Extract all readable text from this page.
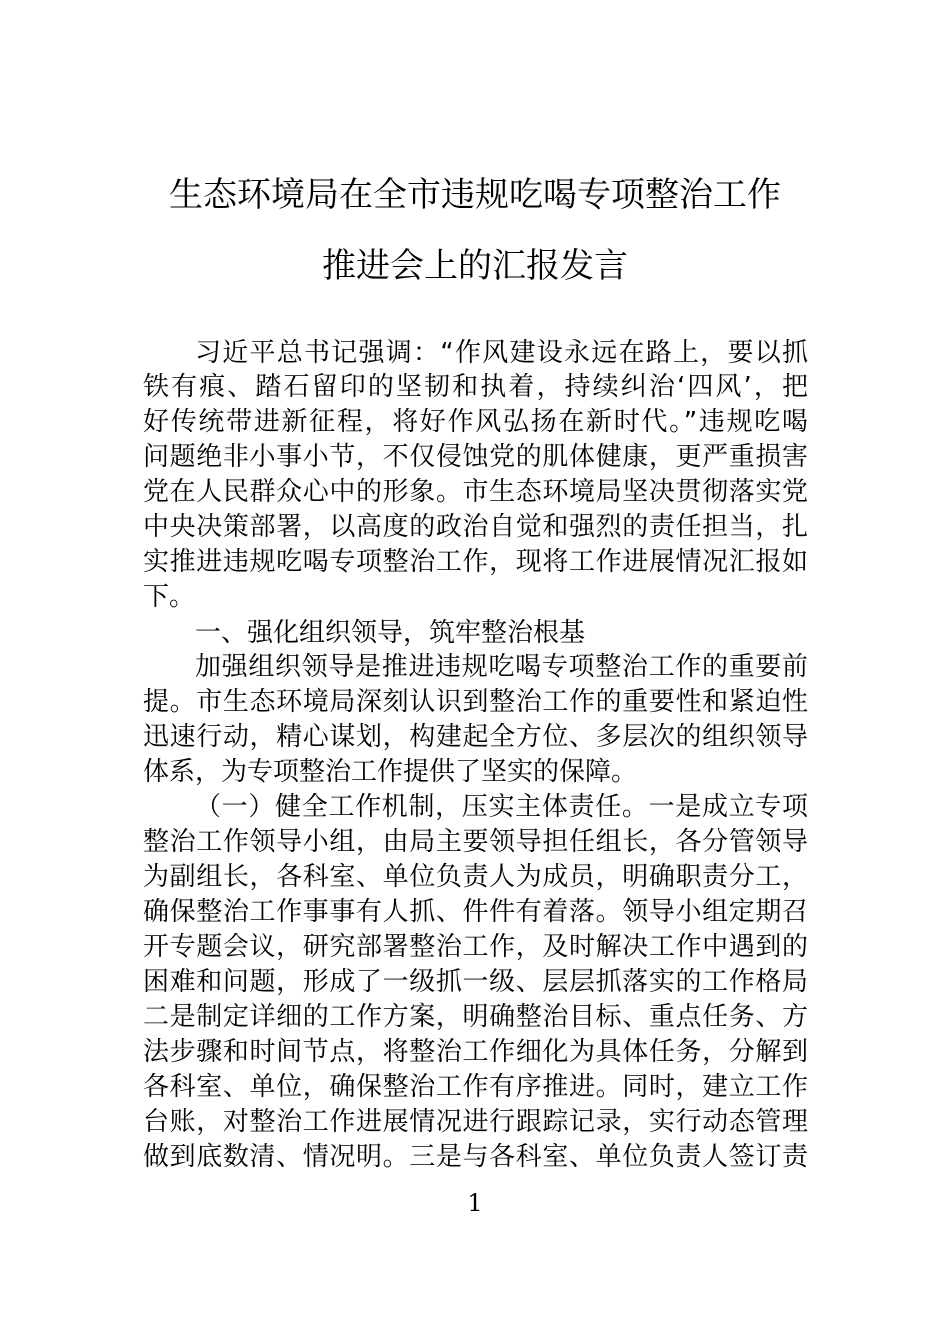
生态环境局在全市违规吃喝专项整治工作
推进会上的汇报发言
习近平总书记强调：“作风建设永远在路上，要以抓
铁有痕、踏石留印的坚韧和执着，持续纠治‘四风’，把
好传统带进新征程，将好作风弘扬在新时代。”违规吃喝
问题绝非小事小节，不仅侵蚀党的肌体健康，更严重损害
党在人民群众心中的形象。市生态环境局坚决贯彻落实党
中央决策部署，以高度的政治自觉和强烈的责任担当，扎
实推进违规吃喝专项整治工作，现将工作进展情况汇报如
下。
一、强化组织领导，筑牢整治根基
加强组织领导是推进违规吃喝专项整治工作的重要前
提。市生态环境局深刻认识到整治工作的重要性和紧迫性
迅速行动，精心谋划，构建起全方位、多层次的组织领导
体系，为专项整治工作提供了坚实的保障。
（一）健全工作机制，压实主体责任。一是成立专项
整治工作领导小组，由局主要领导担任组长，各分管领导
为副组长，各科室、单位负责人为成员，明确职责分工，
确保整治工作事事有人抓、件件有着落。领导小组定期召
开专题会议，研究部署整治工作，及时解决工作中遇到的
困难和问题，形成了一级抓一级、层层抓落实的工作格局
二是制定详细的工作方案，明确整治目标、重点任务、方
法步骤和时间节点，将整治工作细化为具体任务，分解到
各科室、单位，确保整治工作有序推进。同时，建立工作
台账，对整治工作进展情况进行跟踪记录，实行动态管理
做到底数清、情况明。三是与各科室、单位负责人签订责
1
